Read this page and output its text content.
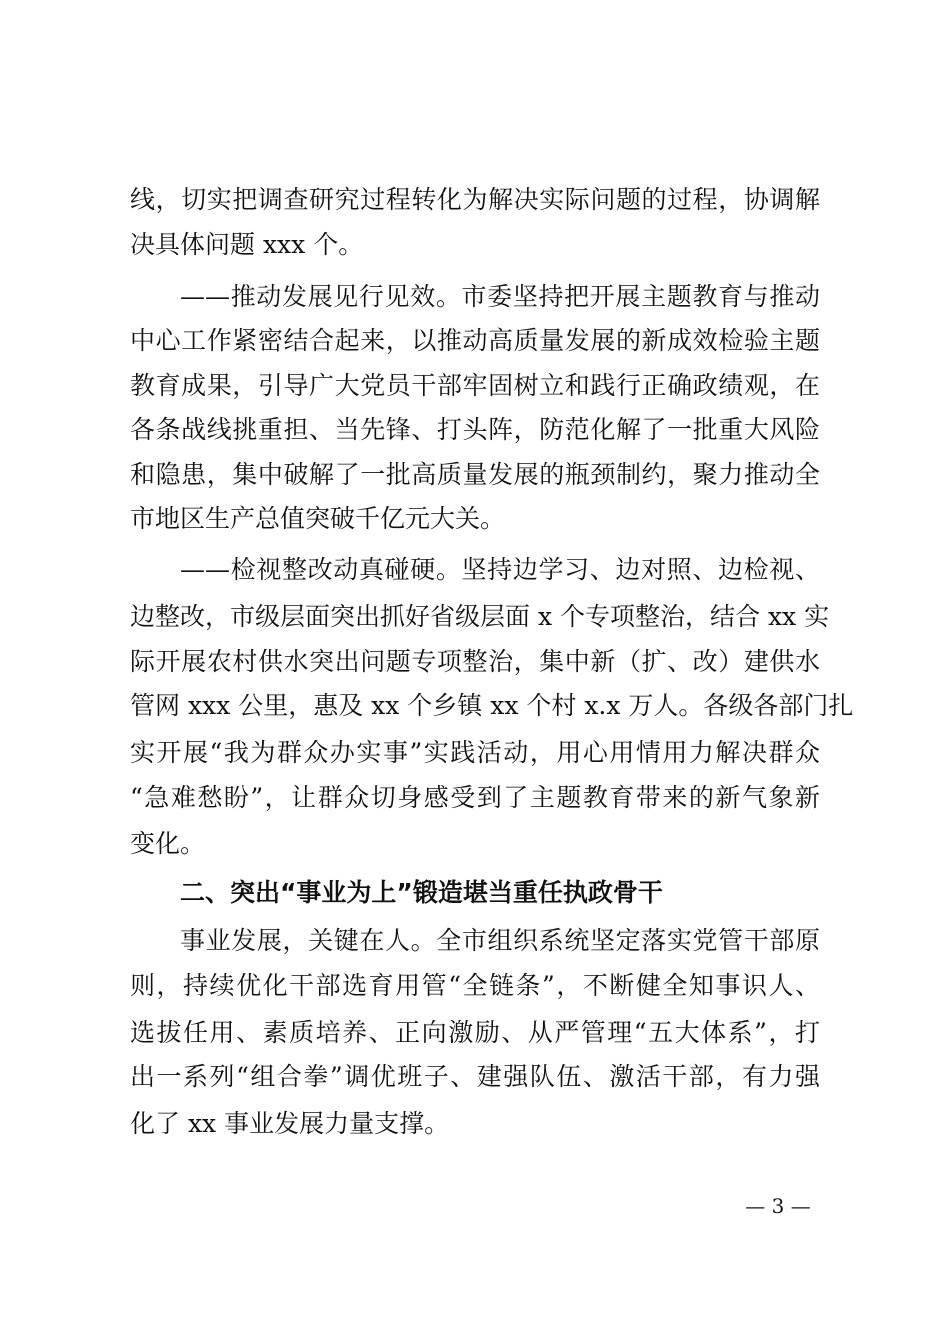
线，切实把调查研究过程转化为解决实际问题的过程，协调解
决具体问题 xxx 个。
——推动发展见行见效。市委坚持把开展主题教育与推动
中心工作紧密结合起来，以推动高质量发展的新成效检验主题
教育成果，引导广大党员干部牢固树立和践行正确政绩观，在
各条战线挑重担、当先锋、打头阵，防范化解了一批重大风险
和隐患，集中破解了一批高质量发展的瓶颈制约，聚力推动全
市地区生产总值突破千亿元大关。
——检视整改动真碰硬。坚持边学习、边对照、边检视、
边整改，市级层面突出抓好省级层面 x 个专项整治，结合 xx 实
际开展农村供水突出问题专项整治，集中新（扩、改）建供水
管网 xxx 公里，惠及 xx 个乡镇 xx 个村 x.x 万人。各级各部门扎
实开展“我为群众办实事”实践活动，用心用情用力解决群众
“急难愁盼”，让群众切身感受到了主题教育带来的新气象新
变化。
二、突出“事业为上”锻造堪当重任执政骨干
事业发展，关键在人。全市组织系统坚定落实党管干部原
则，持续优化干部选育用管“全链条”，不断健全知事识人、
选拔任用、素质培养、正向激励、从严管理“五大体系”，打
出一系列“组合拳”调优班子、建强队伍、激活干部，有力强
化了 xx 事业发展力量支撑。
— 3 —
